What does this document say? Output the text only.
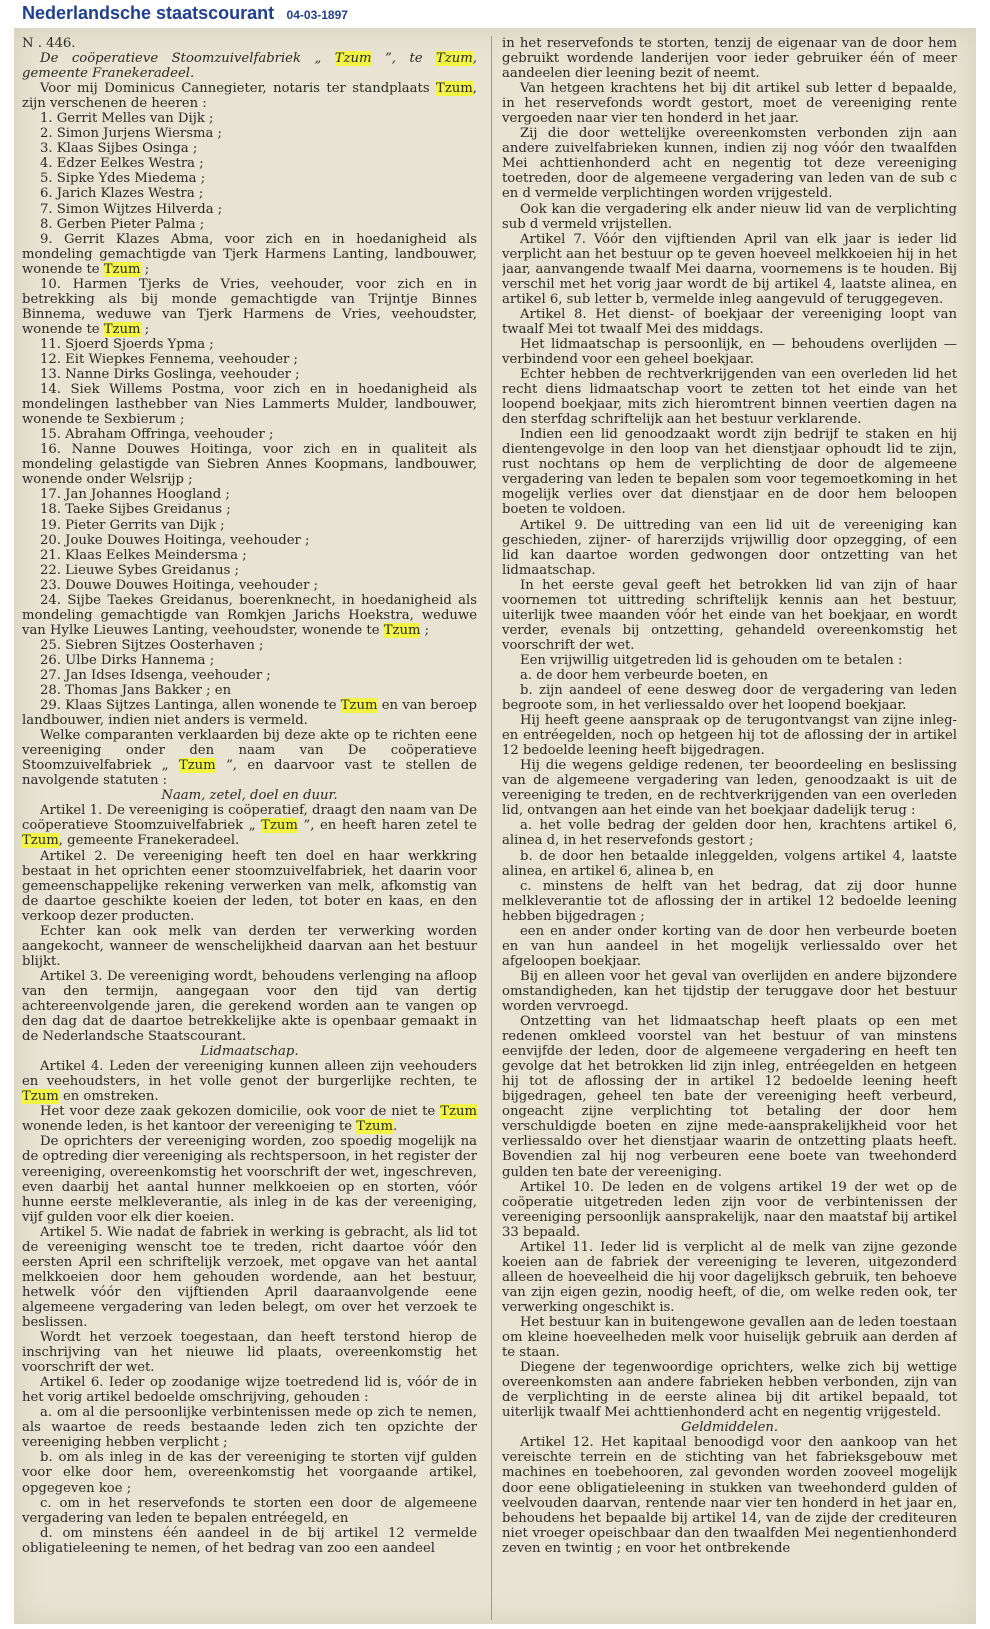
Nederlandsche staatscourant 04-03-1897

N . 446.

De coöperatieve Stoomzuivelfabriek „ Tzum ”, te Tzum, gemeente Franekeradeel.

Voor mij Dominicus Cannegieter, notaris ter standplaats Tzum, zijn verschenen de heeren :

1. Gerrit Melles van Dijk ;

2. Simon Jurjens Wiersma ;

3. Klaas Sijbes Osinga ;

4. Edzer Eelkes Westra ;

5. Sipke Ydes Miedema ;

6. Jarich Klazes Westra ;

7. Simon Wijtzes Hilverda ;

8. Gerben Pieter Palma ;

9. Gerrit Klazes Abma, voor zich en in hoedanigheid als mondeling gemachtigde van Tjerk Harmens Lanting, landbouwer, wonende te Tzum ;

10. Harmen Tjerks de Vries, veehouder, voor zich en in betrekking als bij monde gemachtigde van Trijntje Binnes Binnema, weduwe van Tjerk Harmens de Vries, veehoudster, wonende te Tzum ;

11. Sjoerd Sjoerds Ypma ;

12. Eit Wiepkes Fennema, veehouder ;

13. Nanne Dirks Goslinga, veehouder ;

14. Siek Willems Postma, voor zich en in hoedanigheid als mondelingen lasthebber van Nies Lammerts Mulder, landbouwer, wonende te Sexbierum ;

15. Abraham Offringa, veehouder ;

16. Nanne Douwes Hoitinga, voor zich en in qualiteit als mondeling gelastigde van Siebren Annes Koopmans, landbouwer, wonende onder Welsrijp ;

17. Jan Johannes Hoogland ;

18. Taeke Sijbes Greidanus ;

19. Pieter Gerrits van Dijk ;

20. Jouke Douwes Hoitinga, veehouder ;

21. Klaas Eelkes Meindersma ;

22. Lieuwe Sybes Greidanus ;

23. Douwe Douwes Hoitinga, veehouder ;

24. Sijbe Taekes Greidanus, boerenknecht, in hoedanigheid als mondeling gemachtigde van Romkjen Jarichs Hoekstra, weduwe van Hylke Lieuwes Lanting, veehoudster, wonende te Tzum ;

25. Siebren Sijtzes Oosterhaven ;

26. Ulbe Dirks Hannema ;

27. Jan Idses Idsenga, veehouder ;

28. Thomas Jans Bakker ; en

29. Klaas Sijtzes Lantinga, allen wonende te Tzum en van beroep landbouwer, indien niet anders is vermeld.

Welke comparanten verklaarden bij deze akte op te richten eene vereeniging onder den naam van De coöperatieve Stoomzuivelfabriek „ Tzum ”, en daarvoor vast te stellen de navolgende statuten :

Naam, zetel, doel en duur.

Artikel 1. De vereeniging is coöperatief, draagt den naam van De coöperatieve Stoomzuivelfabriek „ Tzum ”, en heeft haren zetel te Tzum, gemeente Franekeradeel.

Artikel 2. De vereeniging heeft ten doel en haar werkkring bestaat in het oprichten eener stoomzuivelfabriek, het daarin voor gemeenschappelijke rekening verwerken van melk, afkomstig van de daartoe geschikte koeien der leden, tot boter en kaas, en den verkoop dezer producten.

Echter kan ook melk van derden ter verwerking worden aangekocht, wanneer de wenschelijkheid daarvan aan het bestuur blijkt.

Artikel 3. De vereeniging wordt, behoudens verlenging na afloop van den termijn, aangegaan voor den tijd van dertig achtereenvolgende jaren, die gerekend worden aan te vangen op den dag dat de daartoe betrekkelijke akte is openbaar gemaakt in de Nederlandsche Staatscourant.

Lidmaatschap.

Artikel 4. Leden der vereeniging kunnen alleen zijn veehouders en veehoudsters, in het volle genot der burgerlijke rechten, te Tzum en omstreken.

Het voor deze zaak gekozen domicilie, ook voor de niet te Tzum wonende leden, is het kantoor der vereeniging te Tzum.

De oprichters der vereeniging worden, zoo spoedig mogelijk na de optreding dier vereeniging als rechtspersoon, in het register der vereeniging, overeenkomstig het voorschrift der wet, ingeschreven, even daarbij het aantal hunner melkkoeien op en storten, vóór hunne eerste melkleverantie, als inleg in de kas der vereeniging, vijf gulden voor elk dier koeien.

Artikel 5. Wie nadat de fabriek in werking is gebracht, als lid tot de vereeniging wenscht toe te treden, richt daartoe vóór den eersten April een schriftelijk verzoek, met opgave van het aantal melkkoeien door hem gehouden wordende, aan het bestuur, hetwelk vóór den vijftienden April daaraanvolgende eene algemeene vergadering van leden belegt, om over het verzoek te beslissen.

Wordt het verzoek toegestaan, dan heeft terstond hierop de inschrijving van het nieuwe lid plaats, overeenkomstig het voorschrift der wet.

Artikel 6. Ieder op zoodanige wijze toetredend lid is, vóór de in het vorig artikel bedoelde omschrijving, gehouden :

a. om al die persoonlijke verbintenissen mede op zich te nemen, als waartoe de reeds bestaande leden zich ten opzichte der vereeniging hebben verplicht ;

b. om als inleg in de kas der vereeniging te storten vijf gulden voor elke door hem, overeenkomstig het voorgaande artikel, opgegeven koe ;

c. om in het reservefonds te storten een door de algemeene vergadering van leden te bepalen entréegeld, en

d. om minstens één aandeel in de bij artikel 12 vermelde obligatieleening te nemen, of het bedrag van zoo een aandeel

in het reservefonds te storten, tenzij de eigenaar van de door hem gebruikt wordende landerijen voor ieder gebruiker één of meer aandeelen dier leening bezit of neemt.

Van hetgeen krachtens het bij dit artikel sub letter d bepaalde, in het reservefonds wordt gestort, moet de vereeniging rente vergoeden naar vier ten honderd in het jaar.

Zij die door wettelijke overeenkomsten verbonden zijn aan andere zuivelfabrieken kunnen, indien zij nog vóór den twaalfden Mei achttienhonderd acht en negentig tot deze vereeniging toetreden, door de algemeene vergadering van leden van de sub c en d vermelde verplichtingen worden vrijgesteld.

Ook kan die vergadering elk ander nieuw lid van de verplichting sub d vermeld vrijstellen.

Artikel 7. Vóór den vijftienden April van elk jaar is ieder lid verplicht aan het bestuur op te geven hoeveel melkkoeien hij in het jaar, aanvangende twaalf Mei daarna, voornemens is te houden. Bij verschil met het vorig jaar wordt de bij artikel 4, laatste alinea, en artikel 6, sub letter b, vermelde inleg aangevuld of teruggegeven.

Artikel 8. Het dienst- of boekjaar der vereeniging loopt van twaalf Mei tot twaalf Mei des middags.

Het lidmaatschap is persoonlijk, en — behoudens overlijden — verbindend voor een geheel boekjaar.

Echter hebben de rechtverkrijgenden van een overleden lid het recht diens lidmaatschap voort te zetten tot het einde van het loopend boekjaar, mits zich hieromtrent binnen veertien dagen na den sterfdag schriftelijk aan het bestuur verklarende.

Indien een lid genoodzaakt wordt zijn bedrijf te staken en hij dientengevolge in den loop van het dienstjaar ophoudt lid te zijn, rust nochtans op hem de verplichting de door de algemeene vergadering van leden te bepalen som voor tegemoetkoming in het mogelijk verlies over dat dienstjaar en de door hem beloopen boeten te voldoen.

Artikel 9. De uittreding van een lid uit de vereeniging kan geschieden, zijner- of harerzijds vrijwillig door opzegging, of een lid kan daartoe worden gedwongen door ontzetting van het lidmaatschap.

In het eerste geval geeft het betrokken lid van zijn of haar voornemen tot uittreding schriftelijk kennis aan het bestuur, uiterlijk twee maanden vóór het einde van het boekjaar, en wordt verder, evenals bij ontzetting, gehandeld overeenkomstig het voorschrift der wet.

Een vrijwillig uitgetreden lid is gehouden om te betalen :

a. de door hem verbeurde boeten, en

b. zijn aandeel of eene desweg door de vergadering van leden begroote som, in het verliessaldo over het loopend boekjaar.

Hij heeft geene aanspraak op de terugontvangst van zijne inleg- en entréegelden, noch op hetgeen hij tot de aflossing der in artikel 12 bedoelde leening heeft bijgedragen.

Hij die wegens geldige redenen, ter beoordeeling en beslissing van de algemeene vergadering van leden, genoodzaakt is uit de vereeniging te treden, en de rechtverkrijgenden van een overleden lid, ontvangen aan het einde van het boekjaar dadelijk terug :

a. het volle bedrag der gelden door hen, krachtens artikel 6, alinea d, in het reservefonds gestort ;

b. de door hen betaalde inleggelden, volgens artikel 4, laatste alinea, en artikel 6, alinea b, en

c. minstens de helft van het bedrag, dat zij door hunne melkleverantie tot de aflossing der in artikel 12 bedoelde leening hebben bijgedragen ;

een en ander onder korting van de door hen verbeurde boeten en van hun aandeel in het mogelijk verliessaldo over het afgeloopen boekjaar.

Bij en alleen voor het geval van overlijden en andere bijzondere omstandigheden, kan het tijdstip der teruggave door het bestuur worden vervroegd.

Ontzetting van het lidmaatschap heeft plaats op een met redenen omkleed voorstel van het bestuur of van minstens eenvijfde der leden, door de algemeene vergadering en heeft ten gevolge dat het betrokken lid zijn inleg, entréegelden en hetgeen hij tot de aflossing der in artikel 12 bedoelde leening heeft bijgedragen, geheel ten bate der vereeniging heeft verbeurd, ongeacht zijne verplichting tot betaling der door hem verschuldigde boeten en zijne mede-aansprakelijkheid voor het verliessaldo over het dienstjaar waarin de ontzetting plaats heeft. Bovendien zal hij nog verbeuren eene boete van tweehonderd gulden ten bate der vereeniging.

Artikel 10. De leden en de volgens artikel 19 der wet op de coöperatie uitgetreden leden zijn voor de verbintenissen der vereeniging persoonlijk aansprakelijk, naar den maatstaf bij artikel 33 bepaald.

Artikel 11. Ieder lid is verplicht al de melk van zijne gezonde koeien aan de fabriek der vereeniging te leveren, uitgezonderd alleen de hoeveelheid die hij voor dagelijksch gebruik, ten behoeve van zijn eigen gezin, noodig heeft, of die, om welke reden ook, ter verwerking ongeschikt is.

Het bestuur kan in buitengewone gevallen aan de leden toestaan om kleine hoeveelheden melk voor huiselijk gebruik aan derden af te staan.

Diegene der tegenwoordige oprichters, welke zich bij wettige overeenkomsten aan andere fabrieken hebben verbonden, zijn van de verplichting in de eerste alinea bij dit artikel bepaald, tot uiterlijk twaalf Mei achttienhonderd acht en negentig vrijgesteld.

Geldmiddelen.

Artikel 12. Het kapitaal benoodigd voor den aankoop van het vereischte terrein en de stichting van het fabrieksgebouw met machines en toebehooren, zal gevonden worden zooveel mogelijk door eene obligatieleening in stukken van tweehonderd gulden of veelvouden daarvan, rentende naar vier ten honderd in het jaar en, behoudens het bepaalde bij artikel 14, van de zijde der crediteuren niet vroeger opeischbaar dan den twaalfden Mei negentienhonderd zeven en twintig ; en voor het ontbrekende
